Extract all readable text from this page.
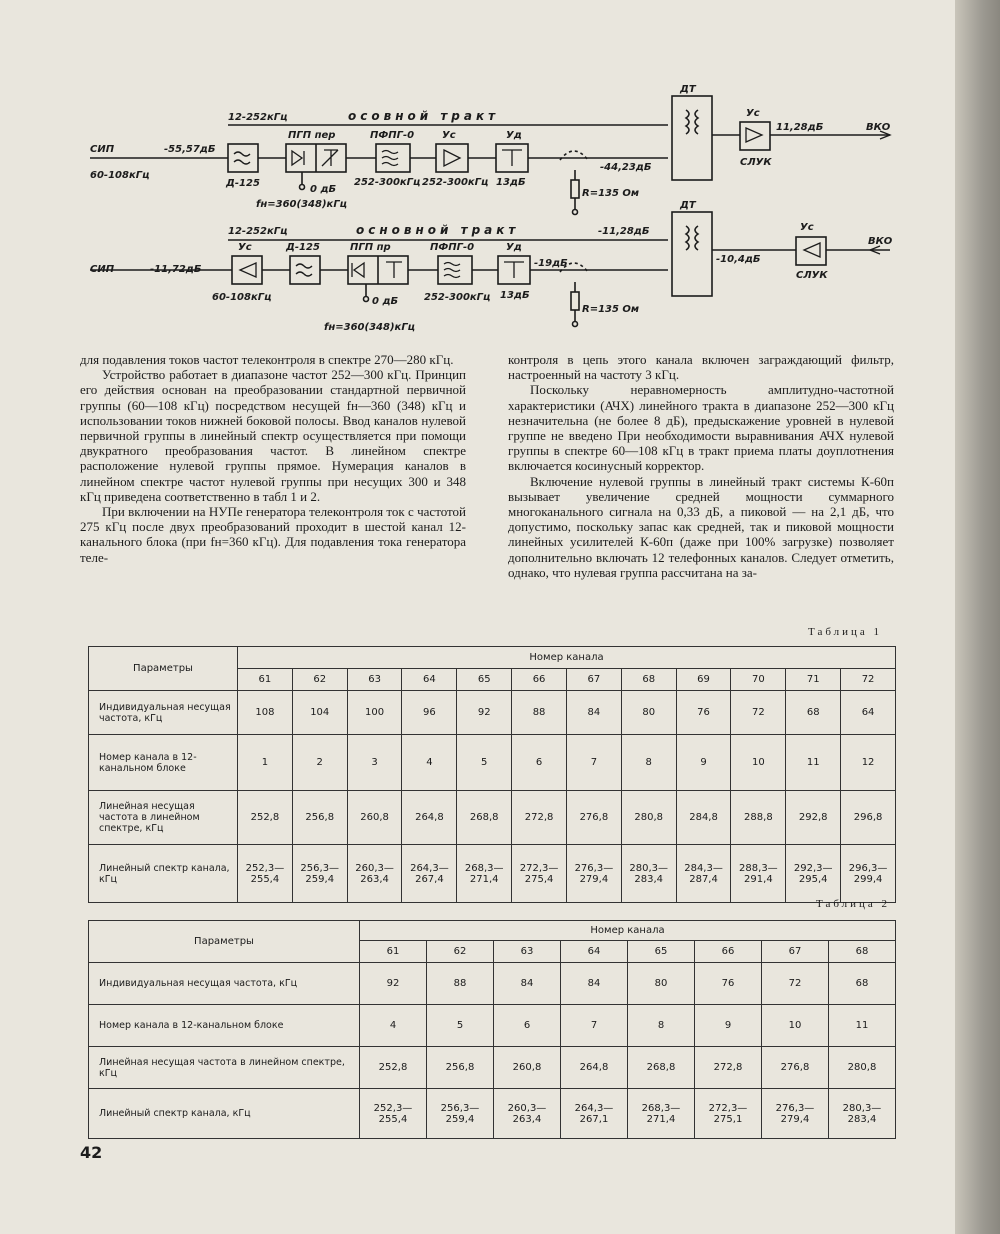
12-252кГц	осовной тракт
СИП
60-108кГц
-55,57дБ
Д-125
ПГП пер
0 дБ
fн=360(348)кГц
ПФПГ-0
252-300кГц
Ус
252-300кГц
Уд
13дБ
-44,23дБ
R=135 Ом
ДТ
Ус
11,28дБ
СЛУК
ВКО
12-252кГц	основной тракт	-11,28дБ
СИП	-11,72дБ
Ус
60-108кГц
Д-125	ПГП пр
0 дБ
fн=360(348)кГц
ПФПГ-0
252-300кГц
Уд
13дБ
-19дБ
R=135 Ом
ДТ
-10,4дБ
Ус
СЛУК
ВКО

для подавления токов частот телеконтроля в спектре 270—280 кГц.

Устройство работает в диапазоне частот 252—300 кГц. Принцип его действия основан на преобразовании стандартной первичной группы (60—108 кГц) посредством несущей fн—360 (348) кГц и использовании токов нижней боковой полосы. Ввод каналов нулевой первичной группы в линейный спектр осуществляется при помощи двукратного преобразования частот. В линейном спектре расположение нулевой группы прямое. Нумерация каналов в линейном спектре частот нулевой группы при несущих 300 и 348 кГц приведена соответственно в табл 1 и 2.

При включении на НУПе генератора телеконтроля ток с частотой 275 кГц после двух преобразований проходит в шестой канал 12-канального блока (при fн=360 кГц). Для подавления тока генератора теле-

контроля в цепь этого канала включен заграждающий фильтр, настроенный на частоту 3 кГц.

Поскольку неравномерность амплитудно-частотной характеристики (АЧХ) линейного тракта в диапазоне 252—300 кГц незначительна (не более 8 дБ), предыскажение уровней в нулевой группе не введено При необходимости выравнивания АЧХ нулевой группы в спектре 60—108 кГц в тракт приема платы доуплотнения включается косинусный корректор.

Включение нулевой группы в линейный тракт системы К-60п вызывает увеличение средней мощности суммарного многоканального сигнала на 0,33 дБ, а пиковой — на 2,1 дБ, что допустимо, поскольку запас как средней, так и пиковой мощности линейных усилителей К-60п (даже при 100% загрузке) позволяет дополнительно включать 12 телефонных каналов. Следует отметить, однако, что нулевая группа рассчитана на за-

Таблица 1
Параметры	Номер канала											
	61	62	63	64	65	66	67	68	69	70	71	72
Индивидуальная несущая частота, кГц	108	104	100	96	92	88	84	80	76	72	68	64
Номер канала в 12-канальном блоке	1	2	3	4	5	6	7	8	9	10	11	12
Линейная несущая частота в линейном спектре, кГц	252,8	256,8	260,8	264,8	268,8	272,8	276,8	280,8	284,8	288,8	292,8	296,8
Линейный спектр канала, кГц	252,3—255,4	256,3—259,4	260,3—263,4	264,3—267,4	268,3—271,4	272,3—275,4	276,3—279,4	280,3—283,4	284,3—287,4	288,3—291,4	292,3—295,4	296,3—299,4
Таблица 2
Параметры	Номер канала							
	61	62	63	64	65	66	67	68
Индивидуальная несущая частота, кГц	92	88	84	84	80	76	72	68
Номер канала в 12-канальном блоке	4	5	6	7	8	9	10	11
Линейная несущая частота в линейном спектре, кГц	252,8	256,8	260,8	264,8	268,8	272,8	276,8	280,8
Линейный спектр канала, кГц	252,3—255,4	256,3—259,4	260,3—263,4	264,3—267,1	268,3—271,4	272,3—275,1	276,3—279,4	280,3—283,4
42
